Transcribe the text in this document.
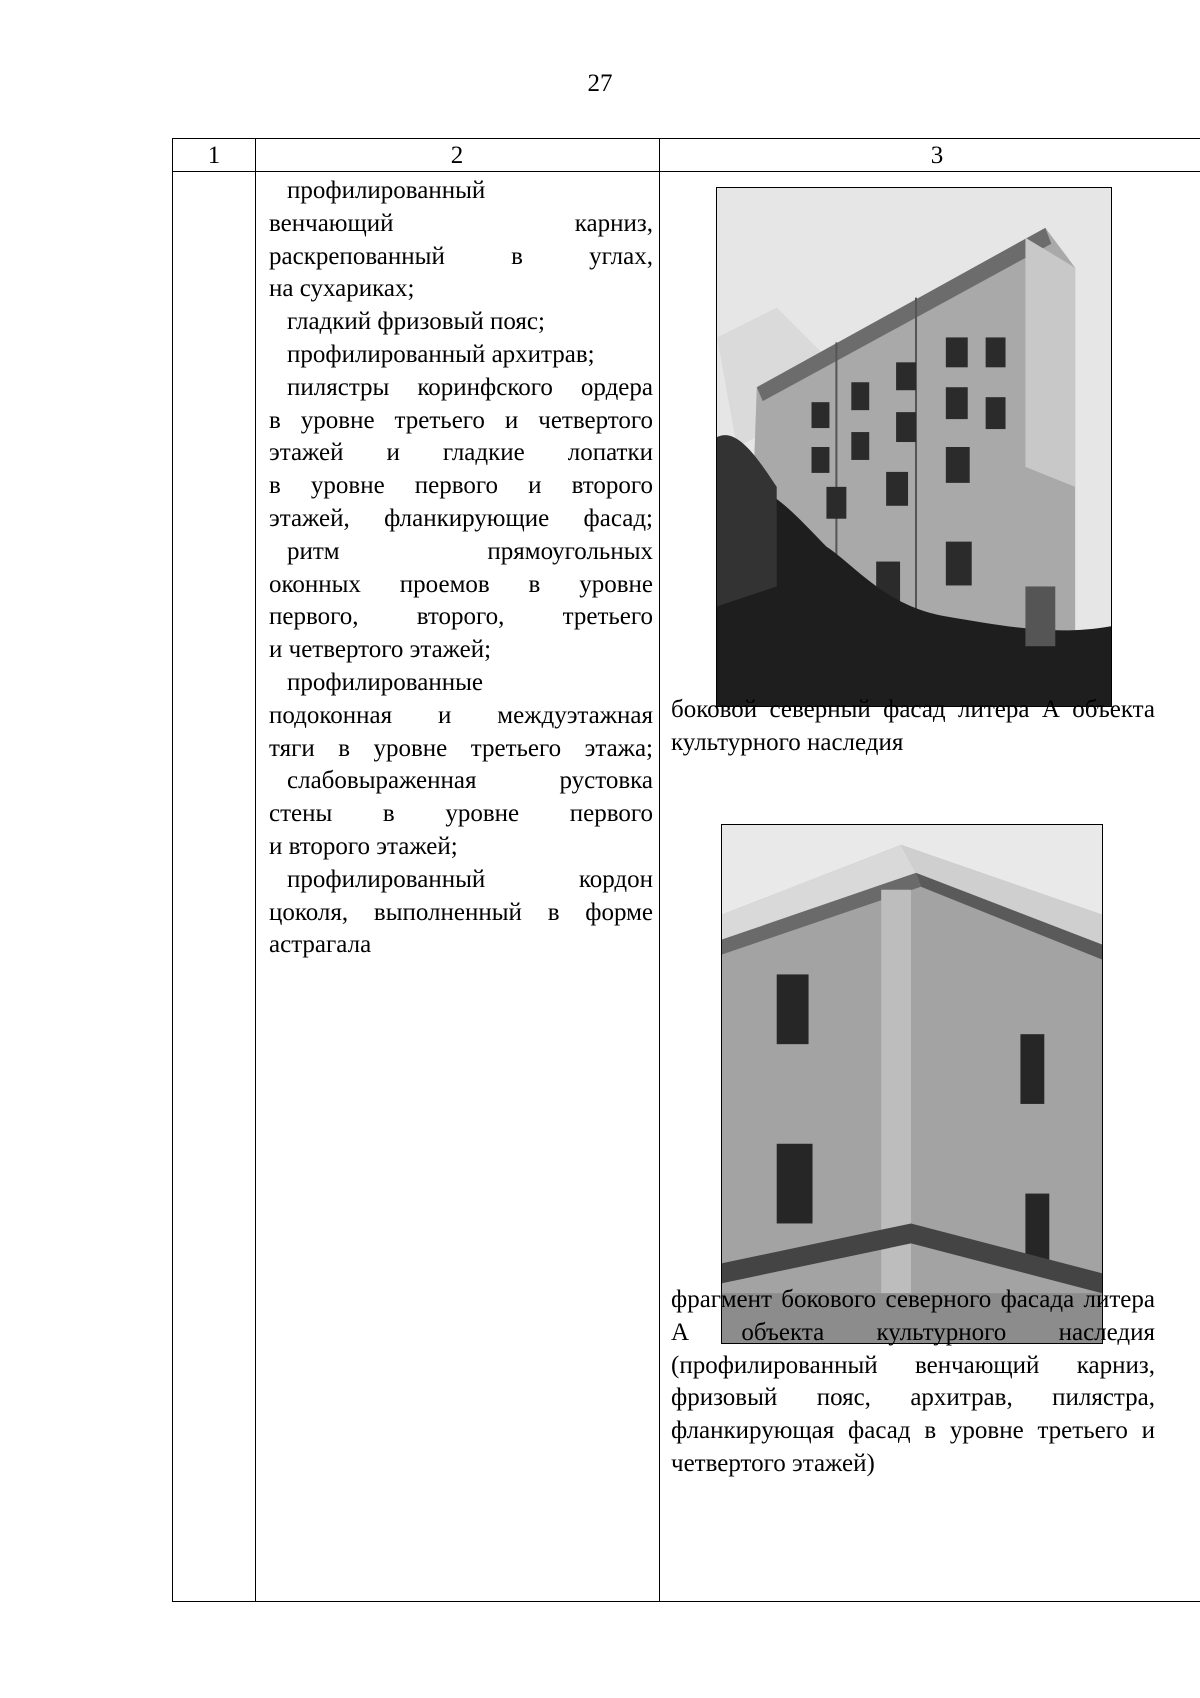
27
1	2	3

профилированный

венчающий карниз,

раскрепованный в углах,

на сухариках;

гладкий фризовый пояс;

профилированный архитрав;

пилястры коринфского ордера

в уровне третьего и четвертого

этажей и гладкие лопатки

в уровне первого и второго

этажей, фланкирующие фасад;

ритм прямоугольных

оконных проемов в уровне

первого, второго, третьего

и четвертого этажей;

профилированные

подоконная и междуэтажная

тяги в уровне третьего этажа;

слабовыраженная рустовка

стены в уровне первого

и второго этажей;

профилированный кордон

цоколя, выполненный в форме

астрагала

боковой северный фасад литера А объекта культурного наследия

фрагмент бокового северного фасада литера А объекта культурного наследия (профилированный венчающий карниз, фризовый пояс, архитрав, пилястра, фланкирующая фасад в уровне третьего и четвертого этажей)
